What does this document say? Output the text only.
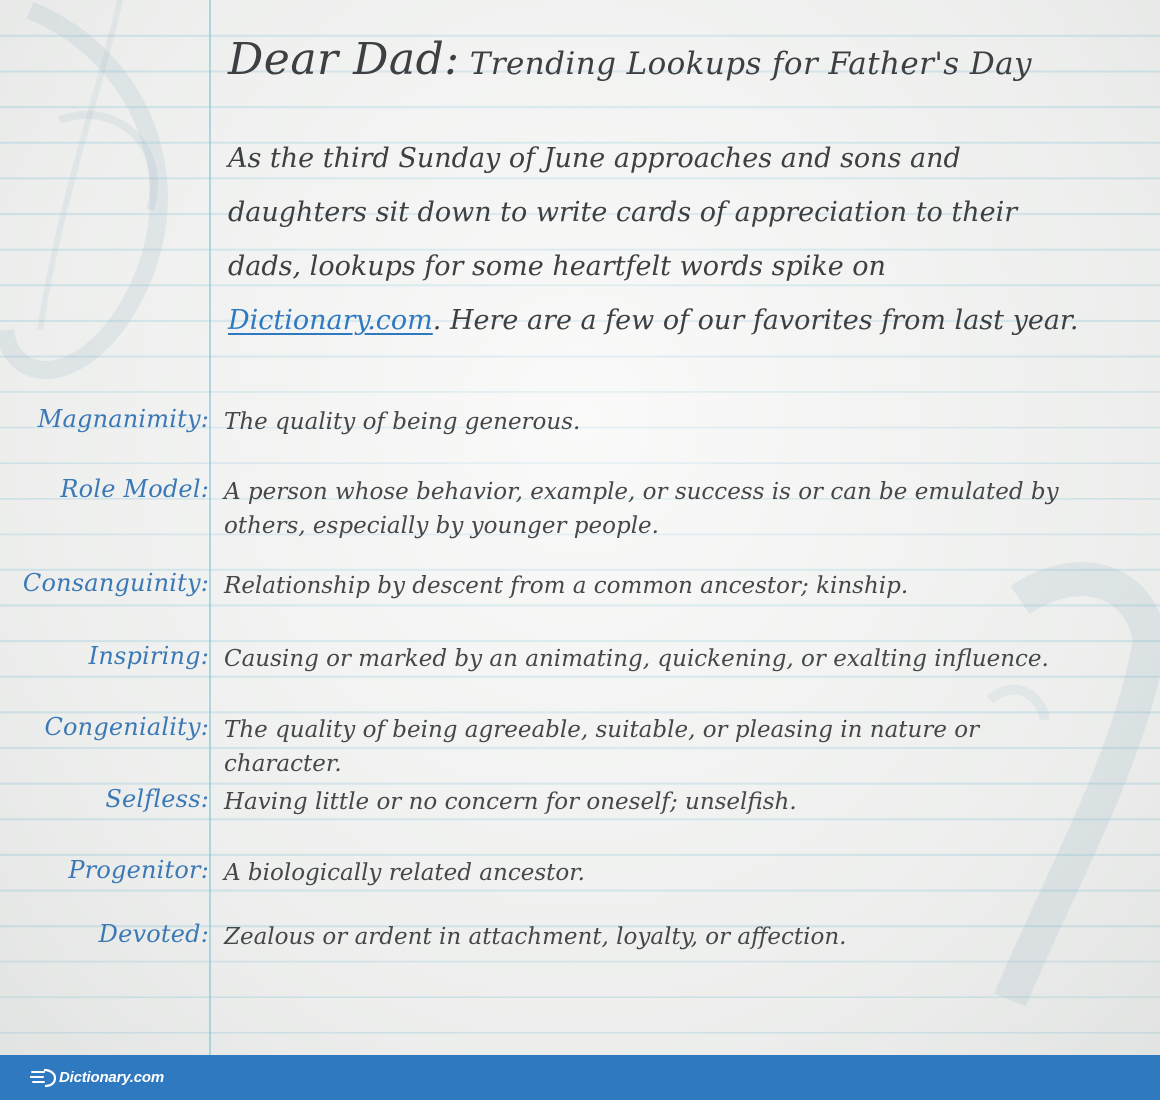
Dear Dad: Trending Lookups for Father's Day

As the third Sunday of June approaches and sons and daughters sit down to write cards of appreciation to their dads, lookups for some heartfelt words spike on Dictionary.com. Here are a few of our favorites from last year.

Magnanimity: The quality of being generous.
Role Model: A person whose behavior, example, or success is or can be emulated by others, especially by younger people.
Consanguinity: Relationship by descent from a common ancestor; kinship.
Inspiring: Causing or marked by an animating, quickening, or exalting influence.
Congeniality: The quality of being agreeable, suitable, or pleasing in nature or character.
Selfless: Having little or no concern for oneself; unselfish.
Progenitor: A biologically related ancestor.
Devoted: Zealous or ardent in attachment, loyalty, or affection.
Dictionary.com
